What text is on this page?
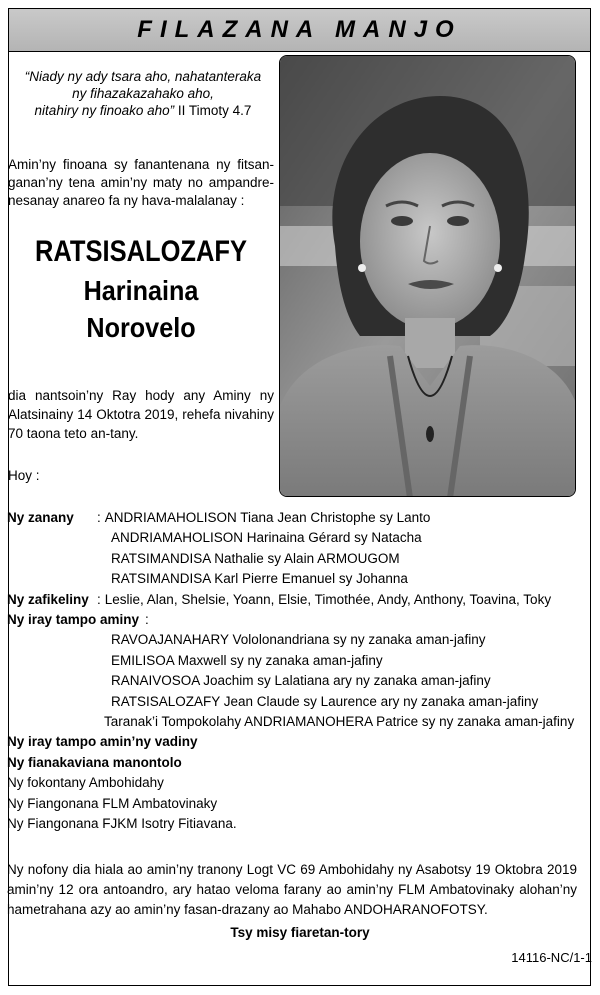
FILAZANA MANJO
“Niady ny ady tsara aho, nahatanteraka
ny fihazakazahako aho,
nitahiry ny finoako aho” II Timoty 4.7
Amin’ny finoana sy fanantenana ny fitsan-ganan’ny tena amin’ny maty no ampandre-nesanay anareo fa ny hava-malalanay :
RATSISALOZAFY
Harinaina
Norovelo
dia nantsoin’ny Ray hody any Aminy ny Alatsinainy 14 Oktotra 2019, rehefa nivahiny 70 taona teto an-tany.
Hoy :
Ny zanany	: ANDRIAMAHOLISON Tiana Jean Christophe sy Lanto
ANDRIAMAHOLISON Harinaina Gérard sy Natacha
RATSIMANDISA Nathalie sy Alain ARMOUGOM
RATSIMANDISA Karl Pierre Emanuel sy Johanna
Ny zafikeliny : Leslie, Alan, Shelsie, Yoann, Elsie, Timothée, Andy, Anthony, Toavina, Toky
Ny iray tampo aminy :
RAVOAJANAHARY Vololonandriana sy ny zanaka aman-jafiny
EMILISOA Maxwell sy ny zanaka aman-jafiny
RANAIVOSOA Joachim sy Lalatiana ary ny zanaka aman-jafiny
RATSISALOZAFY Jean Claude sy Laurence ary ny zanaka aman-jafiny
Taranak’i Tompokolahy ANDRIAMANOHERA Patrice sy ny zanaka aman-jafiny
Ny iray tampo amin’ny vadiny
Ny fianakaviana manontolo
Ny fokontany Ambohidahy
Ny Fiangonana FLM Ambatovinaky
Ny Fiangonana FJKM Isotry Fitiavana.
Ny nofony dia hiala ao amin’ny tranony Logt VC 69 Ambohidahy ny Asabotsy 19 Oktobra 2019 amin’ny 12 ora antoandro, ary hatao veloma farany ao amin’ny FLM Ambatovinaky alohan’ny hametrahana azy ao amin’ny fasan-drazany ao Mahabo ANDOHARANOFOTSY.
Tsy misy fiaretan-tory
14116-NC/1-1
